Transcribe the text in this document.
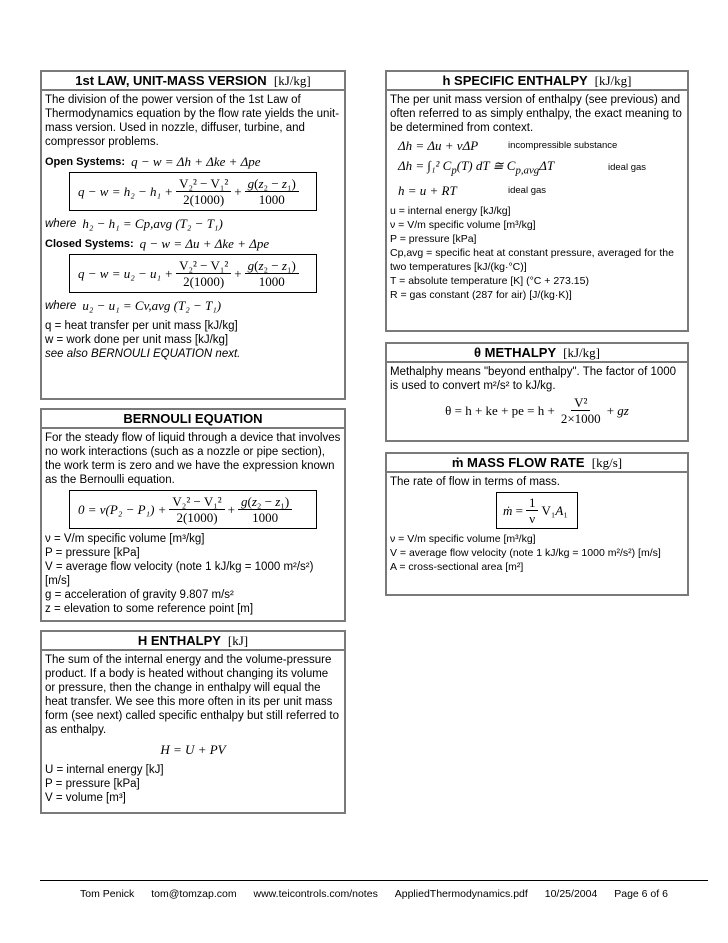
1st LAW, UNIT-MASS VERSION [kJ/kg]

The division of the power version of the 1st Law of Thermodynamics equation by the flow rate yields the unit-mass version. Used in nozzle, diffuser, turbine, and compressor problems.

Open Systems: q − w = Δh + Δke + Δpe
$q - w = h_2 - h_1 + \frac{\text{V₂² − V₁²}}{2(1000)} + \frac{\text{g(z₂ − z₁)}}{1000}$
where h₂ − h₁ = Cp,avg (T₂ − T₁)
Closed Systems: q − w = Δu + Δke + Δpe
$q - w = u_2 - u_1 + \frac{\text{V₂² − V₁²}}{2(1000)} + \frac{\text{g(z₂ − z₁)}}{1000}$
where u₂ − u₁ = Cv,avg (T₂ − T₁)

q = heat transfer per unit mass [kJ/kg]

w = work done per unit mass [kJ/kg]

see also BERNOULI EQUATION next.

BERNOULI EQUATION

For the steady flow of liquid through a device that involves no work interactions (such as a nozzle or pipe section), the work term is zero and we have the expression known as the Bernoulli equation.

$0 = \nu(P_2 - P_1) + \frac{\text{V₂² − V₁²}}{2(1000)} + \frac{\text{g(z₂ − z₁)}}{1000}$

ν = V/m specific volume [m³/kg]

P = pressure [kPa]

V = average flow velocity (note 1 kJ/kg = 1000 m²/s²) [m/s]

g = acceleration of gravity 9.807 m/s²

z = elevation to some reference point [m]

H ENTHALPY [kJ]

The sum of the internal energy and the volume-pressure product. If a body is heated without changing its volume or pressure, then the change in enthalpy will equal the heat transfer. We see this more often in its per unit mass form (see next) called specific enthalpy but still referred to as enthalpy.

H = U + PV

U = internal energy [kJ]

P = pressure [kPa]

V = volume [m³]

h SPECIFIC ENTHALPY [kJ/kg]

The per unit mass version of enthalpy (see previous) and often referred to as simply enthalpy, the exact meaning to be determined from context.

Δh = Δu + νΔP	incompressible substance
Δh = ∫₁² $C_p(T)$ dT ≅ $C_{p,avg}\Delta T$	ideal gas
h = u + RT	ideal gas

u = internal energy [kJ/kg]

ν = V/m specific volume [m³/kg]

P = pressure [kPa]

Cp,avg = specific heat at constant pressure, averaged for the two temperatures [kJ/(kg·°C)]

T = absolute temperature [K] (°C + 273.15)

R = gas constant (287 for air) [J/(kg·K)]

θ METHALPY [kJ/kg]

Methalphy means "beyond enthalpy". The factor of 1000 is used to convert m²/s² to kJ/kg.

θ = h + ke + pe = $h + \frac{\text{V²}}{2\times 1000}$ + gz
ṁ MASS FLOW RATE [kg/s]

The rate of flow in terms of mass.

ṁ = $\frac{1}{\nu} V_1A_1$

ν = V/m specific volume [m³/kg]

V = average flow velocity (note 1 kJ/kg = 1000 m²/s²) [m/s]

A = cross-sectional area [m²]

Tom Penick tom@tomzap.com www.teicontrols.com/notes AppliedThermodynamics.pdf 10/25/2004 Page 6 of 6
